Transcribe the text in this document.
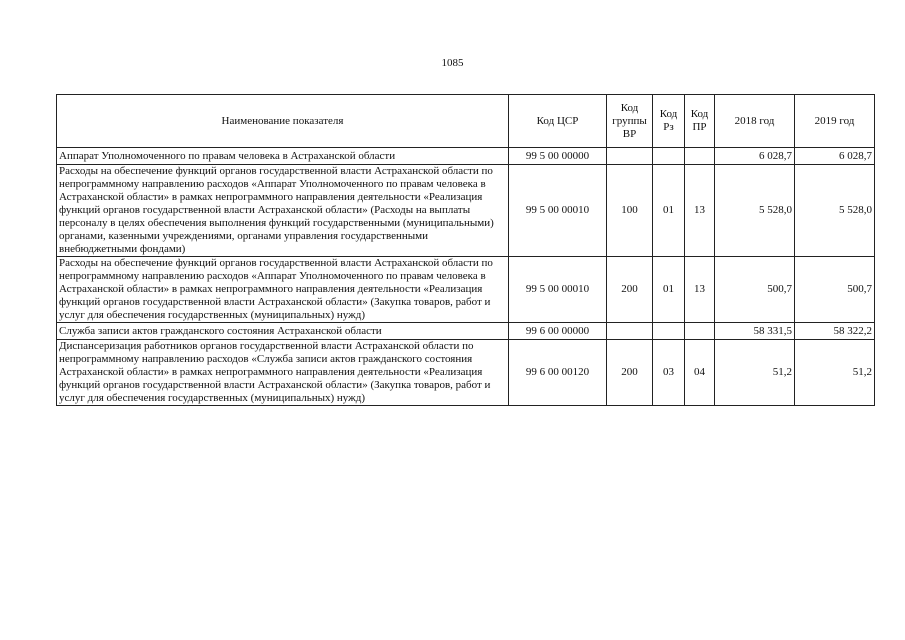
1085
Наименование показателя	Код ЦСР	Код группы ВР	Код Рз	Код ПР	2018 год	2019 год
Аппарат Уполномоченного по правам человека в Астраханской области	99 5 00 00000				6 028,7	6 028,7
Расходы на обеспечение функций органов государственной власти Астраханской области по непрограммному направлению расходов «Аппарат Уполномоченного по правам человека в Астраханской области» в рамках непрограммного направления деятельности «Реализация функций органов государственной власти Астраханской области» (Расходы на выплаты персоналу в целях обеспечения выполнения функций государственными (муниципальными) органами, казенными учреждениями, органами управления государственными внебюджетными фондами)	99 5 00 00010	100	01	13	5 528,0	5 528,0
Расходы на обеспечение функций органов государственной власти Астраханской области по непрограммному направлению расходов «Аппарат Уполномоченного по правам человека в Астраханской области» в рамках непрограммного направления деятельности «Реализация функций органов государственной власти Астраханской области» (Закупка товаров, работ и услуг для обеспечения государственных (муниципальных) нужд)	99 5 00 00010	200	01	13	500,7	500,7
Служба записи актов гражданского состояния Астраханской области	99 6 00 00000				58 331,5	58 322,2
Диспансеризация работников органов государственной власти Астраханской области по непрограммному направлению расходов «Служба записи актов гражданского состояния Астраханской области» в рамках непрограммного направления деятельности «Реализация функций органов государственной власти Астраханской области» (Закупка товаров, работ и услуг для обеспечения государственных (муниципальных) нужд)	99 6 00 00120	200	03	04	51,2	51,2
